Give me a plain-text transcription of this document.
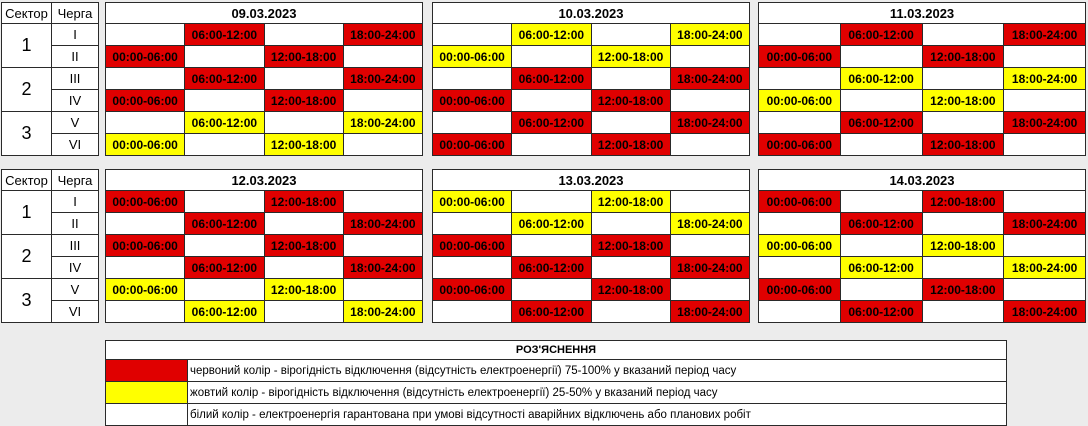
Сектор	Черга
1	I
	II
2	III
	IV
3	V
	VI
Сектор	Черга
1	I
	II
2	III
	IV
3	V
	VI
09.03.2023			
	06:00-12:00		18:00-24:00
00:00-06:00		12:00-18:00	
	06:00-12:00		18:00-24:00
00:00-06:00		12:00-18:00	
	06:00-12:00		18:00-24:00
00:00-06:00		12:00-18:00	
10.03.2023			
	06:00-12:00		18:00-24:00
00:00-06:00		12:00-18:00	
	06:00-12:00		18:00-24:00
00:00-06:00		12:00-18:00	
	06:00-12:00		18:00-24:00
00:00-06:00		12:00-18:00	
11.03.2023			
	06:00-12:00		18:00-24:00
00:00-06:00		12:00-18:00	
	06:00-12:00		18:00-24:00
00:00-06:00		12:00-18:00	
	06:00-12:00		18:00-24:00
00:00-06:00		12:00-18:00	
12.03.2023			
00:00-06:00		12:00-18:00	
	06:00-12:00		18:00-24:00
00:00-06:00		12:00-18:00	
	06:00-12:00		18:00-24:00
00:00-06:00		12:00-18:00	
	06:00-12:00		18:00-24:00
13.03.2023			
00:00-06:00		12:00-18:00	
	06:00-12:00		18:00-24:00
00:00-06:00		12:00-18:00	
	06:00-12:00		18:00-24:00
00:00-06:00		12:00-18:00	
	06:00-12:00		18:00-24:00
14.03.2023			
00:00-06:00		12:00-18:00	
	06:00-12:00		18:00-24:00
00:00-06:00		12:00-18:00	
	06:00-12:00		18:00-24:00
00:00-06:00		12:00-18:00	
	06:00-12:00		18:00-24:00
РОЗ'ЯСНЕННЯ	
	червоний колір - вірогідність відключення (відсутність електроенергії) 75-100% у вказаний період часу
	жовтий колір - вірогідність відключення (відсутність електроенергії) 25-50% у вказаний період часу
	білий колір - електроенергія гарантована при умові відсутності аварійних відключень або планових робіт
